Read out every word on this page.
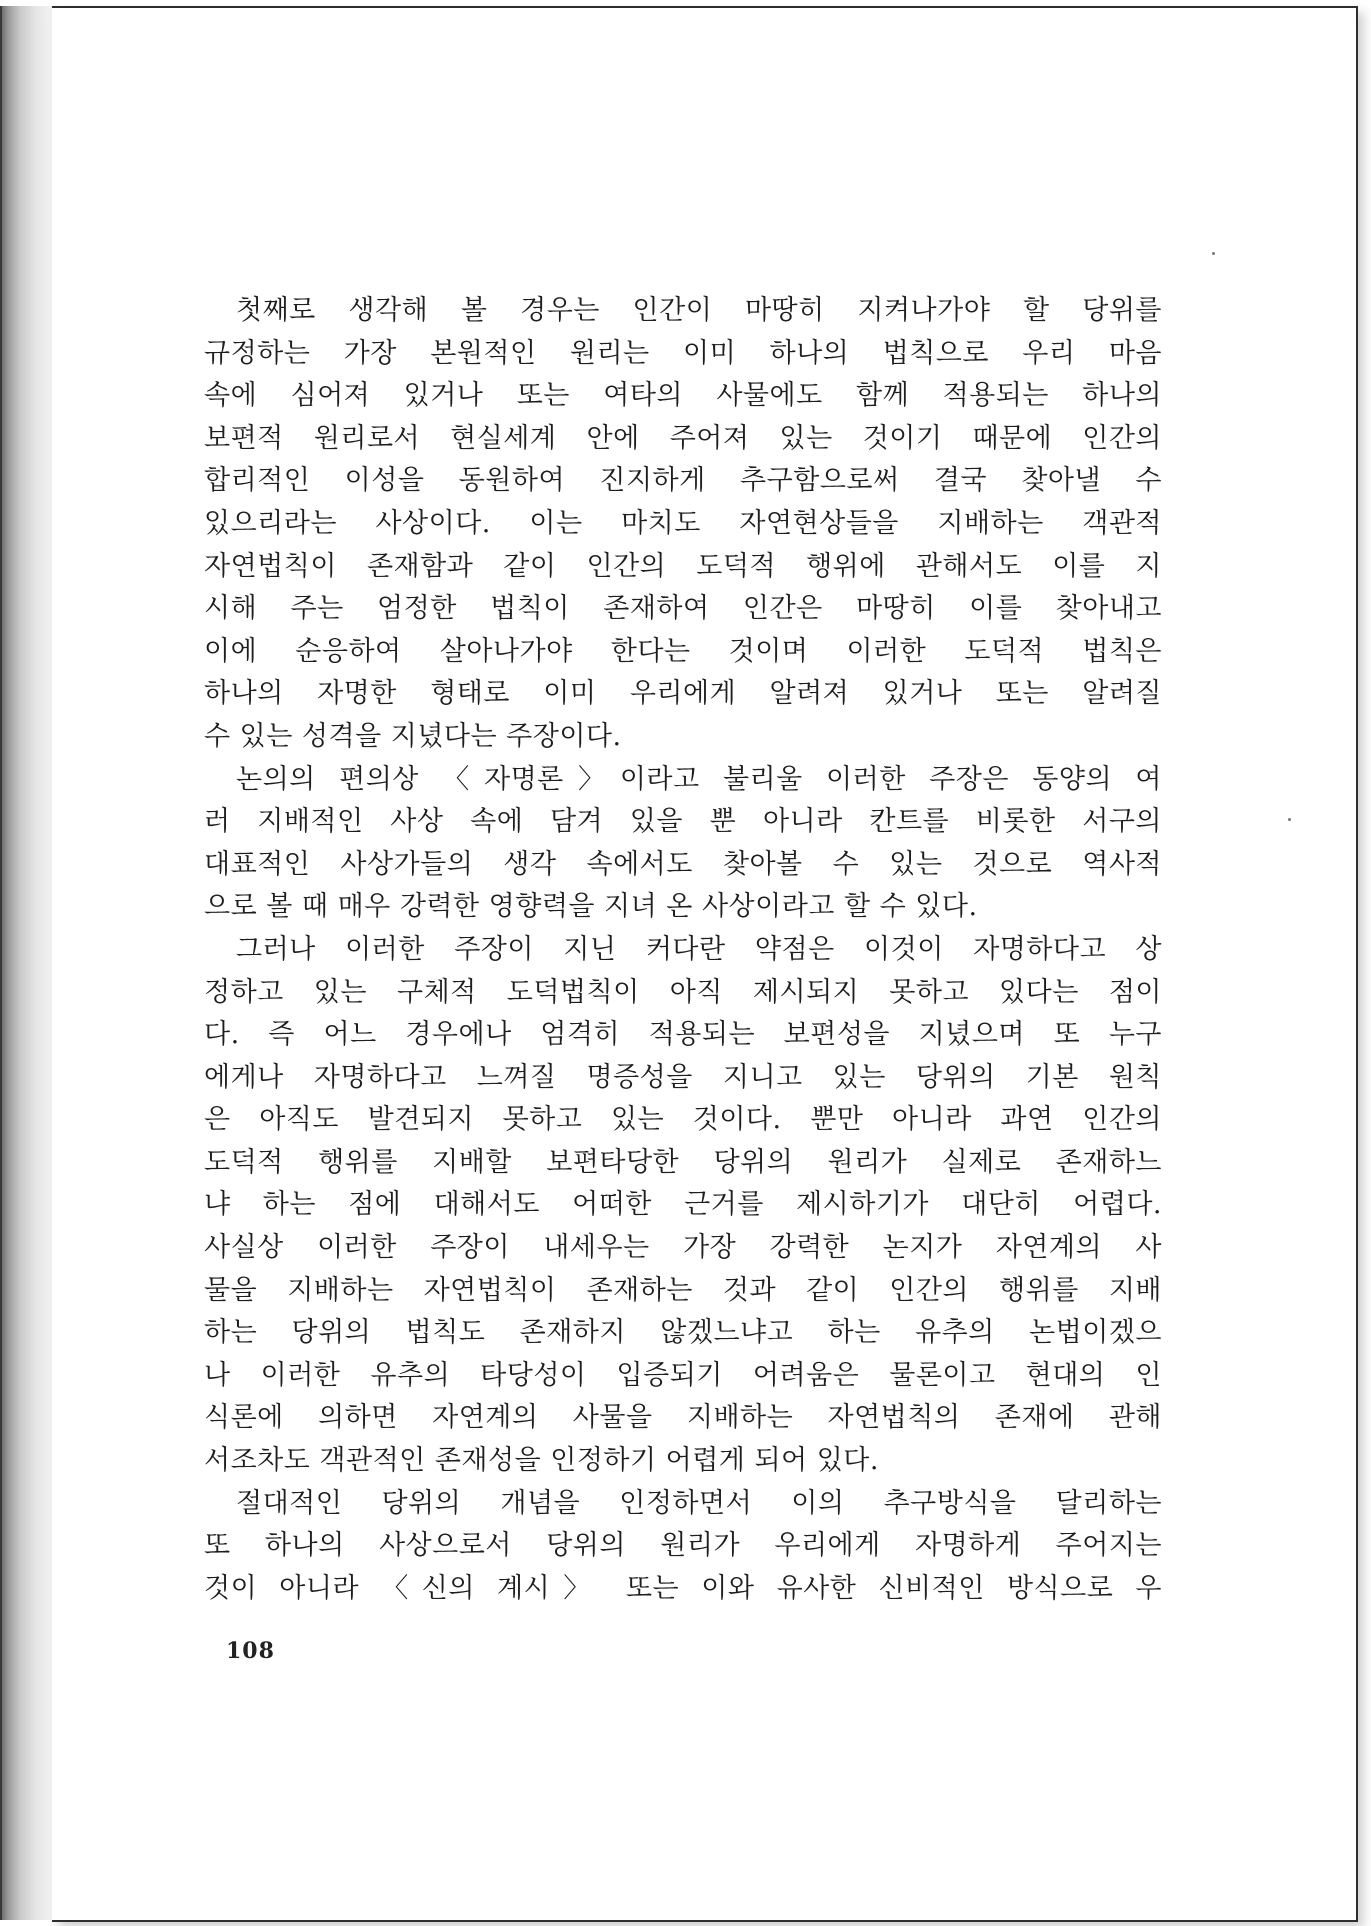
첫째로 생각해 볼 경우는 인간이 마땅히 지켜나가야 할 당위를
규정하는 가장 본원적인 원리는 이미 하나의 법칙으로 우리 마음
속에 심어져 있거나 또는 여타의 사물에도 함께 적용되는 하나의
보편적 원리로서 현실세계 안에 주어져 있는 것이기 때문에 인간의
합리적인 이성을 동원하여 진지하게 추구함으로써 결국 찾아낼 수
있으리라는 사상이다. 이는 마치도 자연현상들을 지배하는 객관적
자연법칙이 존재함과 같이 인간의 도덕적 행위에 관해서도 이를 지
시해 주는 엄정한 법칙이 존재하여 인간은 마땅히 이를 찾아내고
이에 순응하여 살아나가야 한다는 것이며 이러한 도덕적 법칙은
하나의 자명한 형태로 이미 우리에게 알려져 있거나 또는 알려질
수 있는 성격을 지녔다는 주장이다.
논의의 편의상 〈자명론〉이라고 불리울 이러한 주장은 동양의 여
러 지배적인 사상 속에 담겨 있을 뿐 아니라 칸트를 비롯한 서구의
대표적인 사상가들의 생각 속에서도 찾아볼 수 있는 것으로 역사적
으로 볼 때 매우 강력한 영향력을 지녀 온 사상이라고 할 수 있다.
그러나 이러한 주장이 지닌 커다란 약점은 이것이 자명하다고 상
정하고 있는 구체적 도덕법칙이 아직 제시되지 못하고 있다는 점이
다. 즉 어느 경우에나 엄격히 적용되는 보편성을 지녔으며 또 누구
에게나 자명하다고 느껴질 명증성을 지니고 있는 당위의 기본 원칙
은 아직도 발견되지 못하고 있는 것이다. 뿐만 아니라 과연 인간의
도덕적 행위를 지배할 보편타당한 당위의 원리가 실제로 존재하느
냐 하는 점에 대해서도 어떠한 근거를 제시하기가 대단히 어렵다.
사실상 이러한 주장이 내세우는 가장 강력한 논지가 자연계의 사
물을 지배하는 자연법칙이 존재하는 것과 같이 인간의 행위를 지배
하는 당위의 법칙도 존재하지 않겠느냐고 하는 유추의 논법이겠으
나 이러한 유추의 타당성이 입증되기 어려움은 물론이고 현대의 인
식론에 의하면 자연계의 사물을 지배하는 자연법칙의 존재에 관해
서조차도 객관적인 존재성을 인정하기 어렵게 되어 있다.
절대적인 당위의 개념을 인정하면서 이의 추구방식을 달리하는
또 하나의 사상으로서 당위의 원리가 우리에게 자명하게 주어지는
것이 아니라 〈신의 계시〉 또는 이와 유사한 신비적인 방식으로 우
108
